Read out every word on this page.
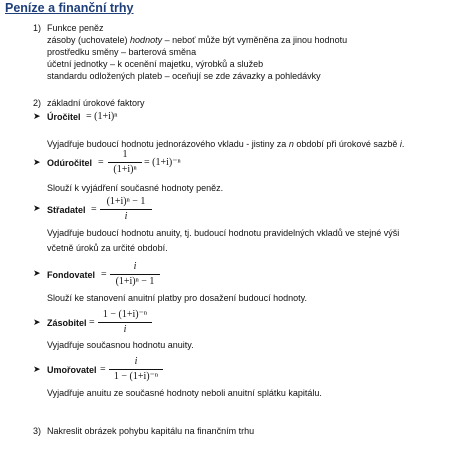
Peníze a finanční trhy
1) Funkce peněz
zásoby (uchovatele) hodnoty – neboť může být vyměněna za jinou hodnotu
prostředku směny – barterová směna
účetní jednotky – k ocenění majetku, výrobků a služeb
standardu odložených plateb – oceňují se zde závazky a pohledávky
2) základní úrokové faktory
➤ Úročitel = (1+i)ⁿ
Vyjadřuje budoucí hodnotu jednorázového vkladu - jistiny za n období při úrokové sazbě i.
➤ Odúročitel =
1
(1+i)ⁿ
= (1+i)⁻ⁿ
Slouží k vyjádření současné hodnoty peněz.
➤ Střadatel =
(1+i)ⁿ − 1
i
Vyjadřuje budoucí hodnotu anuity, tj. budoucí hodnotu pravidelných vkladů ve stejné výši
včetně úroků za určité období.
➤ Fondovatel =
i
(1+i)ⁿ − 1
Slouží ke stanovení anuitní platby pro dosažení budoucí hodnoty.
➤ Zásobitel =
1 − (1+i)⁻ⁿ
i
Vyjadřuje současnou hodnotu anuity.
➤ Umořovatel =
i
1 − (1+i)⁻ⁿ
Vyjadřuje anuitu ze současné hodnoty neboli anuitní splátku kapitálu.
3) Nakreslit obrázek pohybu kapitálu na finančním trhu
